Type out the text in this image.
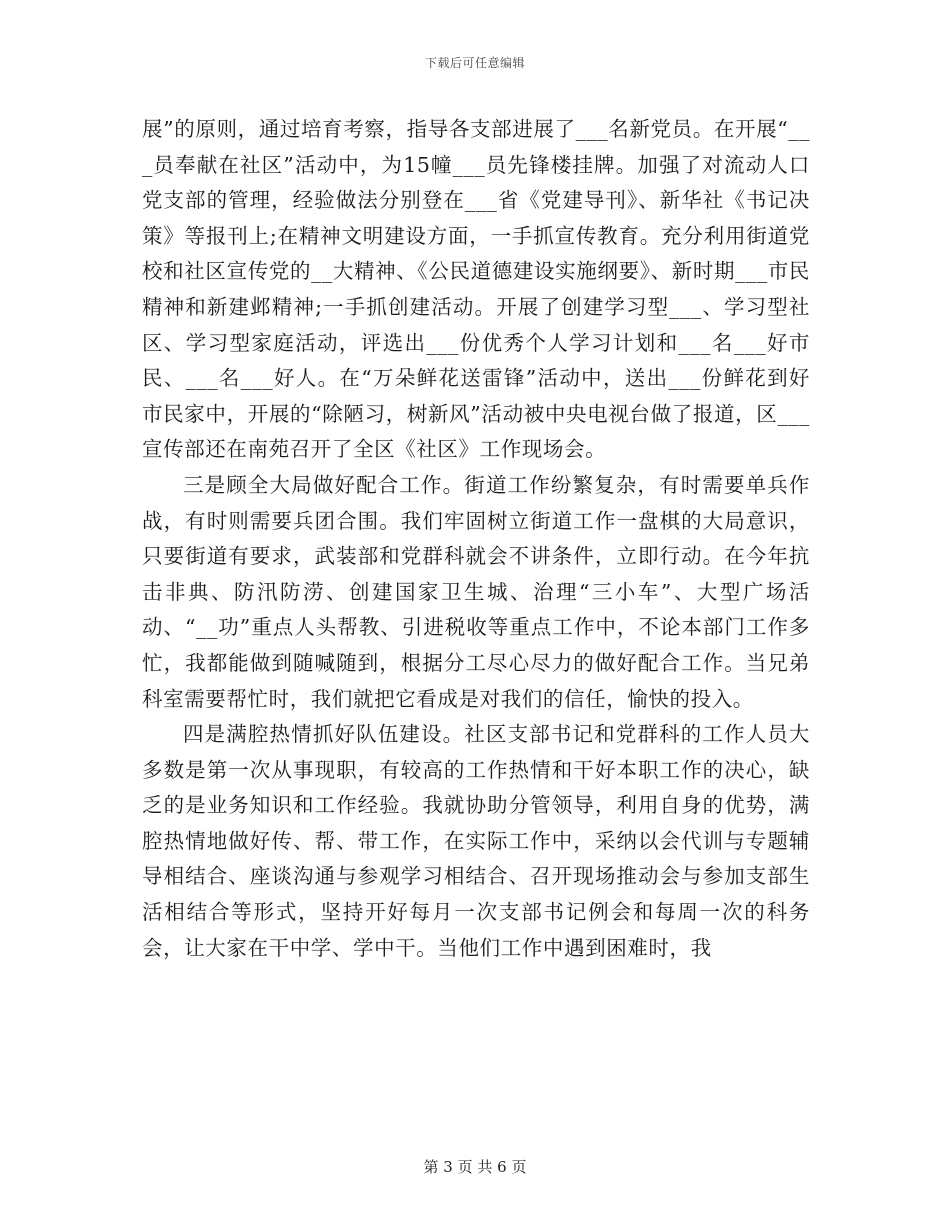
下载后可任意编辑

展”的原则，通过培育考察，指导各支部进展了___名新党员。在开展“___员奉献在社区”活动中，为15幢___员先锋楼挂牌。加强了对流动人口党支部的管理，经验做法分别登在___省《党建导刊》、新华社《书记决策》等报刊上;在精神文明建设方面，一手抓宣传教育。充分利用街道党校和社区宣传党的__大精神、《公民道德建设实施纲要》、新时期___市民精神和新建邺精神;一手抓创建活动。开展了创建学习型___、学习型社区、学习型家庭活动，评选出___份优秀个人学习计划和___名___好市民、___名___好人。在“万朵鲜花送雷锋”活动中，送出___份鲜花到好市民家中，开展的“除陋习，树新风”活动被中央电视台做了报道，区___宣传部还在南苑召开了全区《社区》工作现场会。

三是顾全大局做好配合工作。街道工作纷繁复杂，有时需要单兵作战，有时则需要兵团合围。我们牢固树立街道工作一盘棋的大局意识，只要街道有要求，武装部和党群科就会不讲条件，立即行动。在今年抗击非典、防汛防涝、创建国家卫生城、治理“三小车”、大型广场活动、“__功”重点人头帮教、引进税收等重点工作中，不论本部门工作多忙，我都能做到随喊随到，根据分工尽心尽力的做好配合工作。当兄弟科室需要帮忙时，我们就把它看成是对我们的信任，愉快的投入。

四是满腔热情抓好队伍建设。社区支部书记和党群科的工作人员大多数是第一次从事现职，有较高的工作热情和干好本职工作的决心，缺乏的是业务知识和工作经验。我就协助分管领导，利用自身的优势，满腔热情地做好传、帮、带工作，在实际工作中，采纳以会代训与专题辅导相结合、座谈沟通与参观学习相结合、召开现场推动会与参加支部生活相结合等形式，坚持开好每月一次支部书记例会和每周一次的科务会，让大家在干中学、学中干。当他们工作中遇到困难时，我

第 3 页 共 6 页
